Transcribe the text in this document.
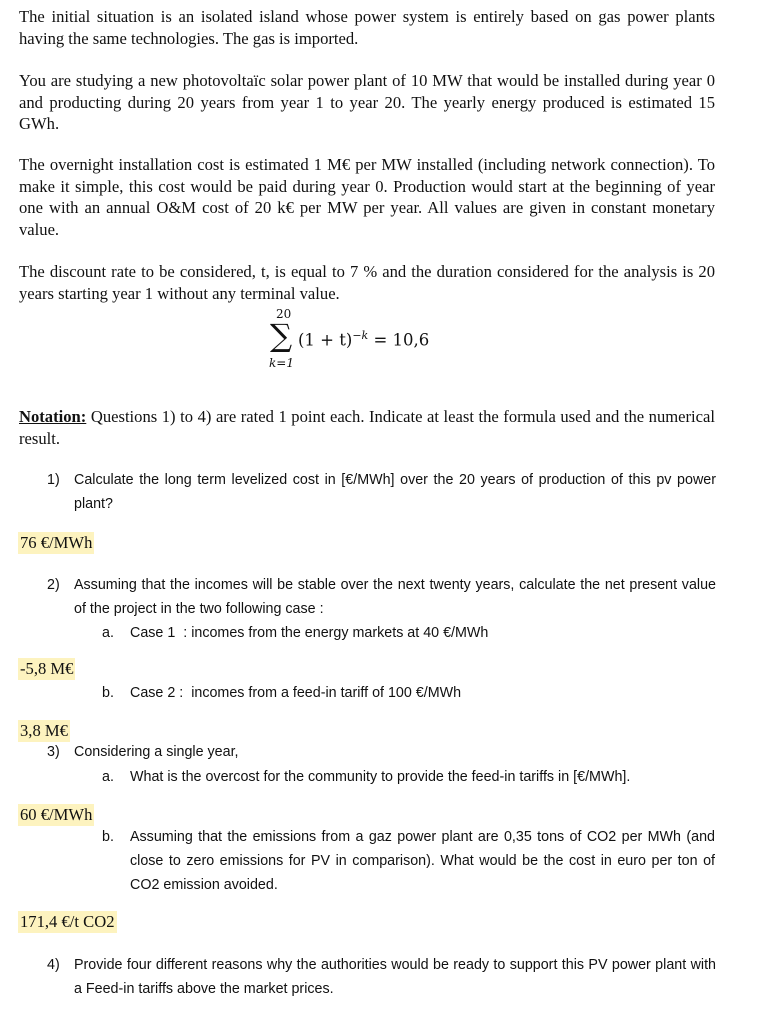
The initial situation is an isolated island whose power system is entirely based on gas power plants having the same technologies. The gas is imported.

You are studying a new photovoltaïc solar power plant of 10 MW that would be installed during year 0 and producting during 20 years from year 1 to year 20. The yearly energy produced is estimated 15 GWh.

The overnight installation cost is estimated 1 M€ per MW installed (including network connection). To make it simple, this cost would be paid during year 0. Production would start at the beginning of year one with an annual O&M cost of 20 k€ per MW per year. All values are given in constant monetary value.

The discount rate to be considered, t, is equal to 7 % and the duration considered for the analysis is 20 years starting year 1 without any terminal value.

20
∑
k=1
$(1 + t)^{-k} = 10,6$

Notation: Questions 1) to 4) are rated 1 point each. Indicate at least the formula used and the numerical result.

1) Calculate the long term levelized cost in [€/MWh] over the 20 years of production of this pv power plant?

76 €/MWh
2) Assuming that the incomes will be stable over the next twenty years, calculate the net present value of the project in the two following case :

a. Case 1  : incomes from the energy markets at 40 €/MWh
-5,8 M€
b. Case 2 :  incomes from a feed-in tariff of 100 €/MWh
3,8 M€
3) Considering a single year,
a. What is the overcost for the community to provide the feed-in tariffs in [€/MWh].
60 €/MWh
b. Assuming that the emissions from a gaz power plant are 0,35 tons of CO2 per MWh (and close to zero emissions for PV in comparison). What would be the cost in euro per ton of CO2 emission avoided.

171,4 €/t CO2
4) Provide four different reasons why the authorities would be ready to support this PV power plant with a Feed-in tariffs above the market prices.
